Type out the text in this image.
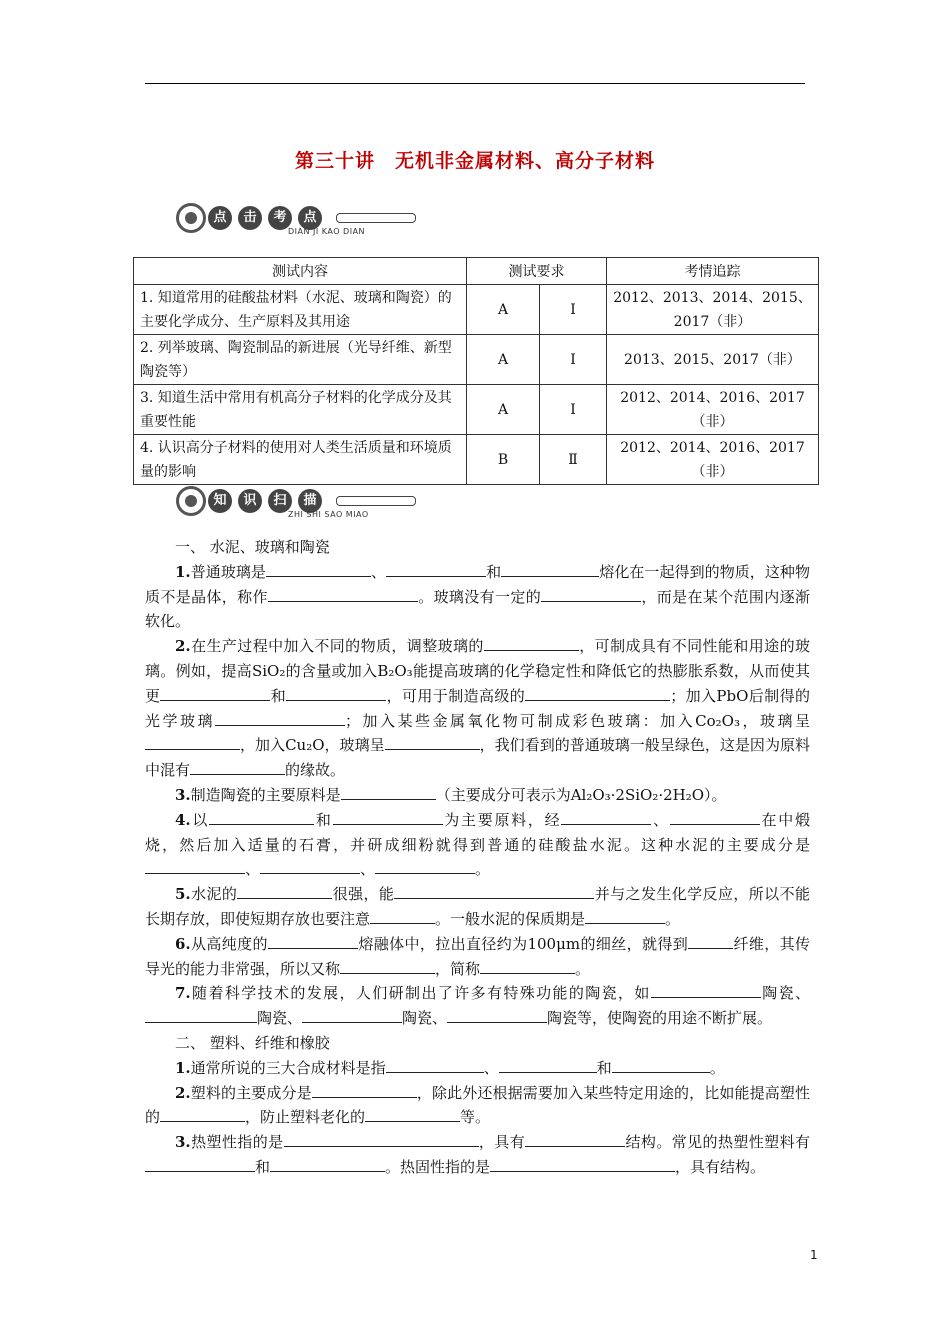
第三十讲　无机非金属材料、高分子材料
点	击	考	点
DIAN JI KAO DIAN
测试内容	测试要求		考情追踪
1. 知道常用的硅酸盐材料（水泥、玻璃和陶瓷）的主要化学成分、生产原料及其用途	A	Ⅰ	2012、2013、2014、2015、2017（非）
2. 列举玻璃、陶瓷制品的新进展（光导纤维、新型陶瓷等）	A	Ⅰ	2013、2015、2017（非）
3. 知道生活中常用有机高分子材料的化学成分及其重要性能	A	Ⅰ	2012、2014、2016、2017（非）
4. 认识高分子材料的使用对人类生活质量和环境质量的影响	B	Ⅱ	2012、2014、2016、2017（非）
知	识	扫	描
ZHI SHI SAO MIAO

一、 水泥、玻璃和陶瓷

1.普通玻璃是	、	和	熔化在一起得到的物质，这种物质不是晶体，称作	。玻璃没有一定的	，而是在某个范围内逐渐软化。

2.在生产过程中加入不同的物质，调整玻璃的	，可制成具有不同性能和用途的玻璃。例如，提高SiO₂的含量或加入B₂O₃能提高玻璃的化学稳定性和降低它的热膨胀系数，从而使其更	和	，可用于制造高级的	；加入PbO后制得的光学玻璃	；加入某些金属氧化物可制成彩色玻璃：加入Co₂O₃，玻璃呈，加入Cu₂O，玻璃呈	，我们看到的普通玻璃一般呈绿色，这是因为原料中混有	的缘故。

3.制造陶瓷的主要原料是	（主要成分可表示为Al₂O₃·2SiO₂·2H₂O）。

4.以	和	为主要原料，经	、	在中煅烧，然后加入适量的石膏，并研成细粉就得到普通的硅酸盐水泥。这种水泥的主要成分是、	、	。

5.水泥的	很强，能	并与之发生化学反应，所以不能长期存放，即使短期存放也要注意	。一般水泥的保质期是	。

6.从高纯度的	熔融体中，拉出直径约为100μm的细丝，就得到	纤维，其传导光的能力非常强，所以又称	，简称	。

7.随着科学技术的发展，人们研制出了许多有特殊功能的陶瓷，如	陶瓷、陶瓷、	陶瓷、	陶瓷等，使陶瓷的用途不断扩展。

二、 塑料、纤维和橡胶

1.通常所说的三大合成材料是指	、	和	。

2.塑料的主要成分是	，除此外还根据需要加入某些特定用途的，比如能提高塑性的	，防止塑料老化的	等。

3.热塑性指的是	，具有	结构。常见的热塑性塑料有和	。热固性指的是	，具有结构。

1
